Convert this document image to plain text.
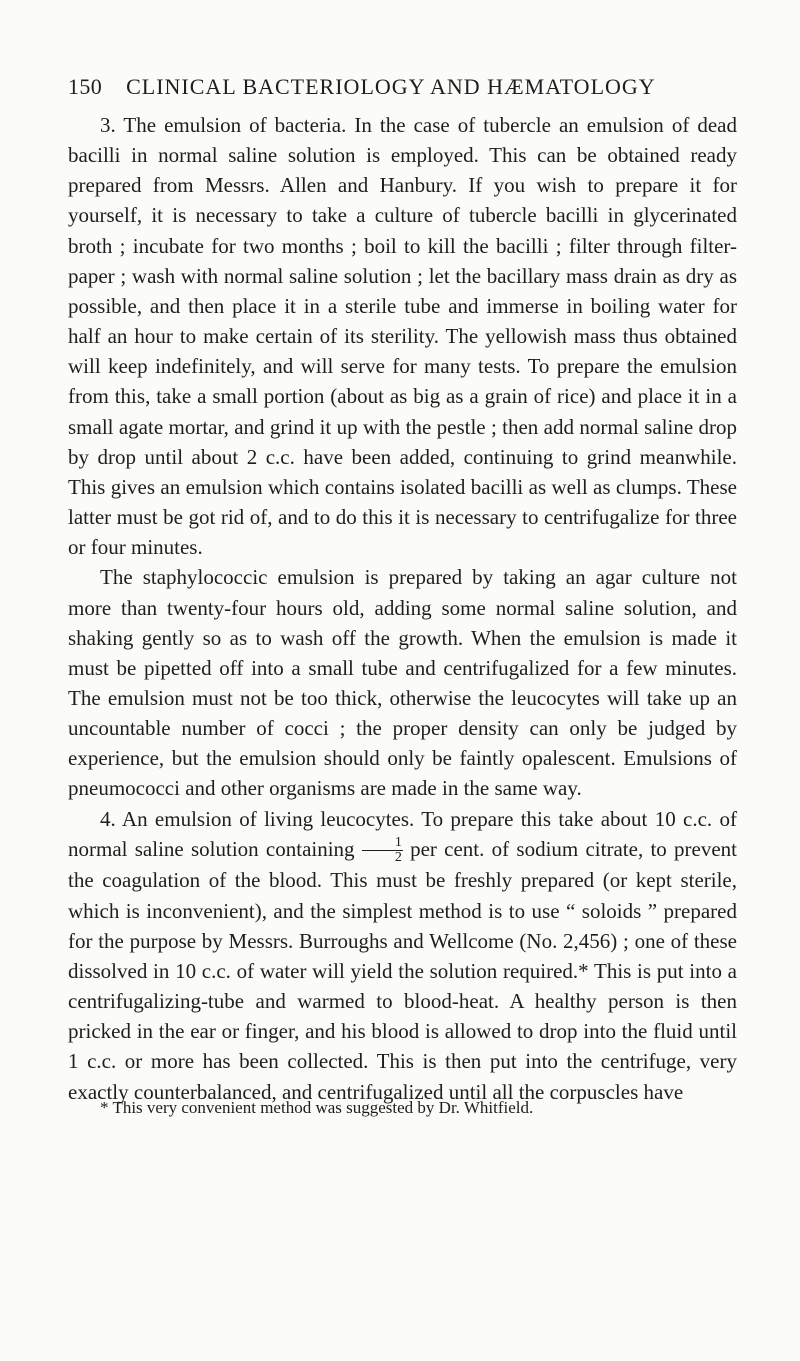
150 CLINICAL BACTERIOLOGY AND HÆMATOLOGY

3. The emulsion of bacteria. In the case of tubercle an emulsion of dead bacilli in normal saline solution is employed. This can be obtained ready prepared from Messrs. Allen and Hanbury. If you wish to prepare it for yourself, it is necessary to take a culture of tubercle bacilli in glycerinated broth ; incubate for two months ; boil to kill the bacilli ; filter through filter-paper ; wash with normal saline solution ; let the bacillary mass drain as dry as possible, and then place it in a sterile tube and immerse in boiling water for half an hour to make certain of its sterility. The yellowish mass thus obtained will keep indefinitely, and will serve for many tests. To prepare the emulsion from this, take a small portion (about as big as a grain of rice) and place it in a small agate mortar, and grind it up with the pestle ; then add normal saline drop by drop until about 2 c.c. have been added, continuing to grind meanwhile. This gives an emulsion which contains isolated bacilli as well as clumps. These latter must be got rid of, and to do this it is necessary to centrifugalize for three or four minutes.

The staphylococcic emulsion is prepared by taking an agar culture not more than twenty-four hours old, adding some normal saline solution, and shaking gently so as to wash off the growth. When the emulsion is made it must be pipetted off into a small tube and centrifugalized for a few minutes. The emulsion must not be too thick, otherwise the leucocytes will take up an uncountable number of cocci ; the proper density can only be judged by experience, but the emulsion should only be faintly opalescent. Emulsions of pneumococci and other organisms are made in the same way.

4. An emulsion of living leucocytes. To prepare this take about 10 c.c. of normal saline solution containing $\frac{1}{2}$ per cent. of sodium citrate, to prevent the coagulation of the blood. This must be freshly prepared (or kept sterile, which is inconvenient), and the simplest method is to use “ soloids ” prepared for the purpose by Messrs. Burroughs and Wellcome (No. 2,456) ; one of these dissolved in 10 c.c. of water will yield the solution required.* This is put into a centrifugalizing-tube and warmed to blood-heat. A healthy person is then pricked in the ear or finger, and his blood is allowed to drop into the fluid until 1 c.c. or more has been collected. This is then put into the centrifuge, very exactly counterbalanced, and centrifugalized until all the corpuscles have

* This very convenient method was suggested by Dr. Whitfield.
